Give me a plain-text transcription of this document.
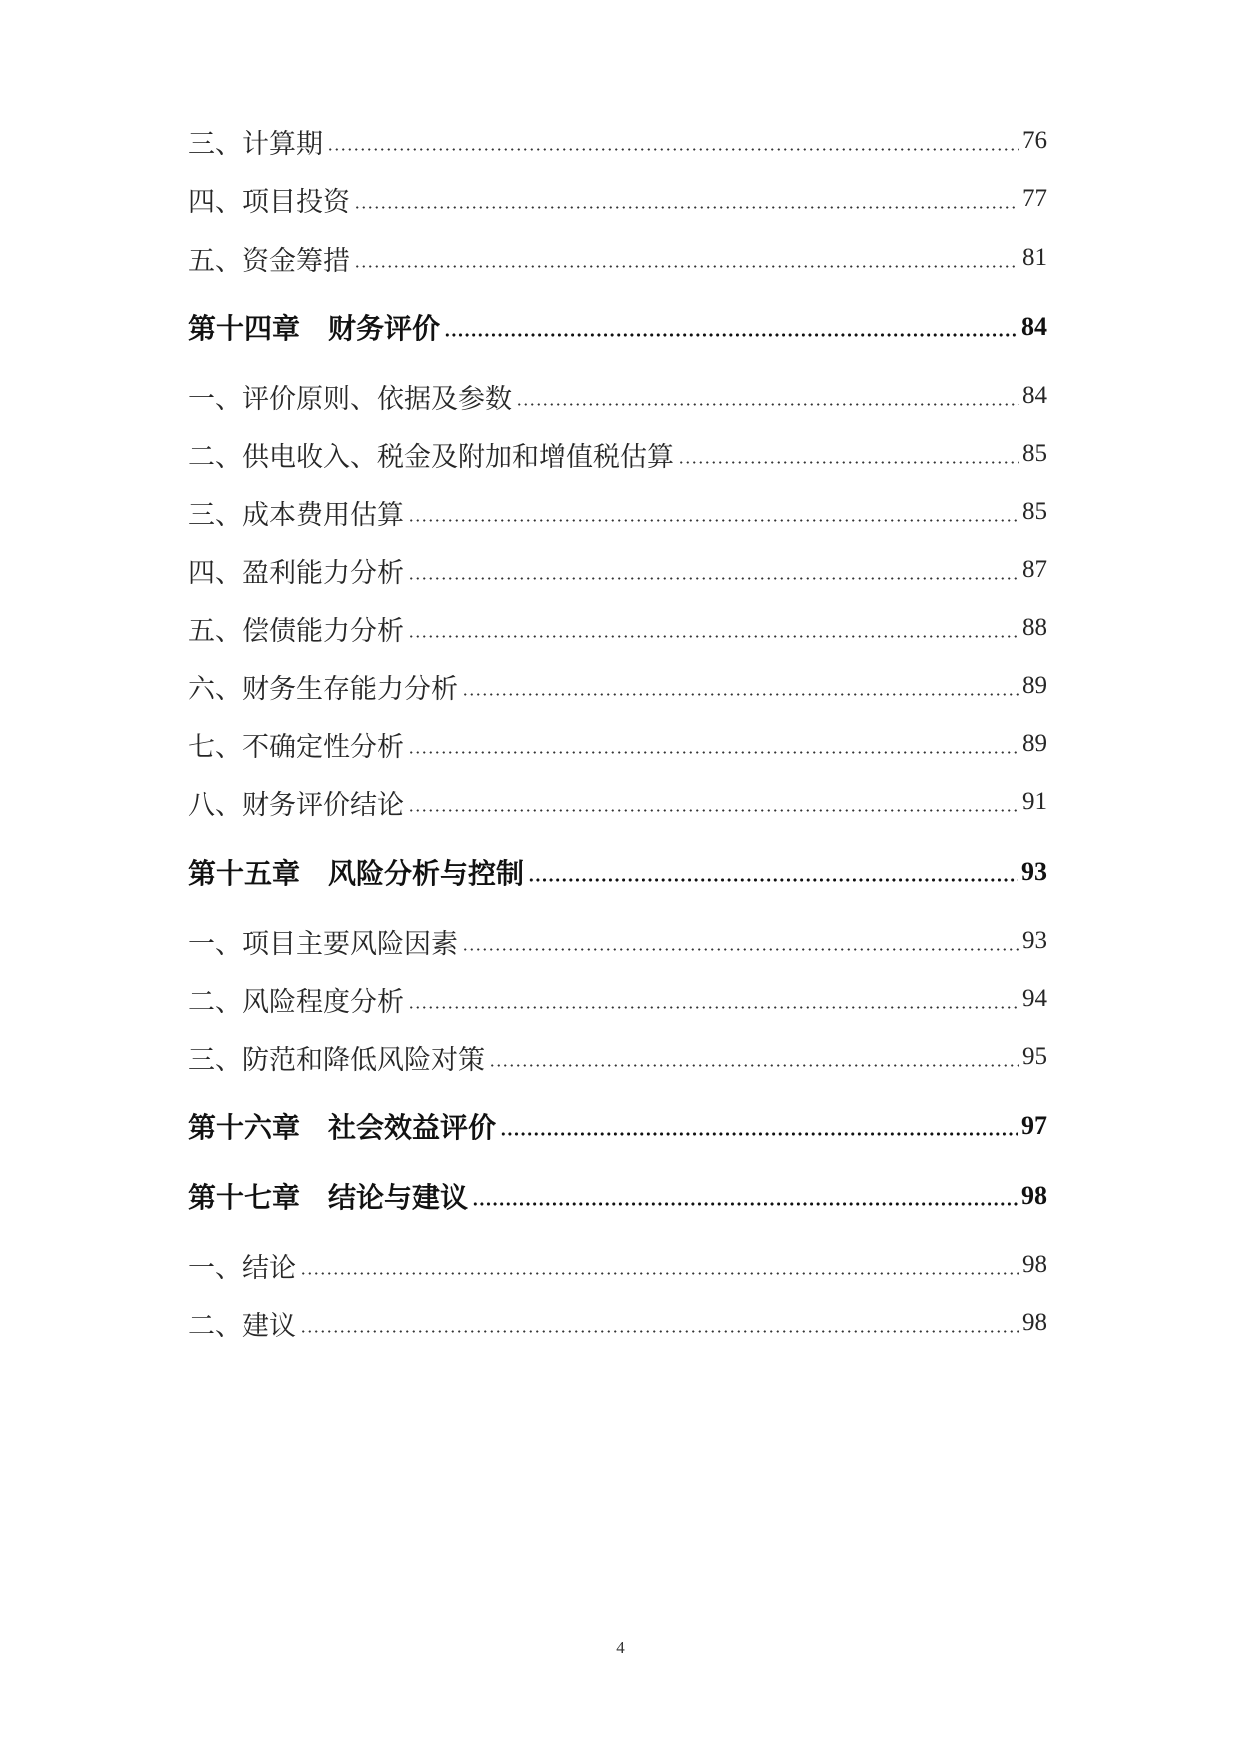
三、计算期	76
四、项目投资	77
五、资金筹措	81
第十四章　财务评价	84
一、评价原则、依据及参数	84
二、供电收入、税金及附加和增值税估算	85
三、成本费用估算	85
四、盈利能力分析	87
五、偿债能力分析	88
六、财务生存能力分析	89
七、不确定性分析	89
八、财务评价结论	91
第十五章　风险分析与控制	93
一、项目主要风险因素	93
二、风险程度分析	94
三、防范和降低风险对策	95
第十六章　社会效益评价	97
第十七章　结论与建议	98
一、结论	98
二、建议	98
4
